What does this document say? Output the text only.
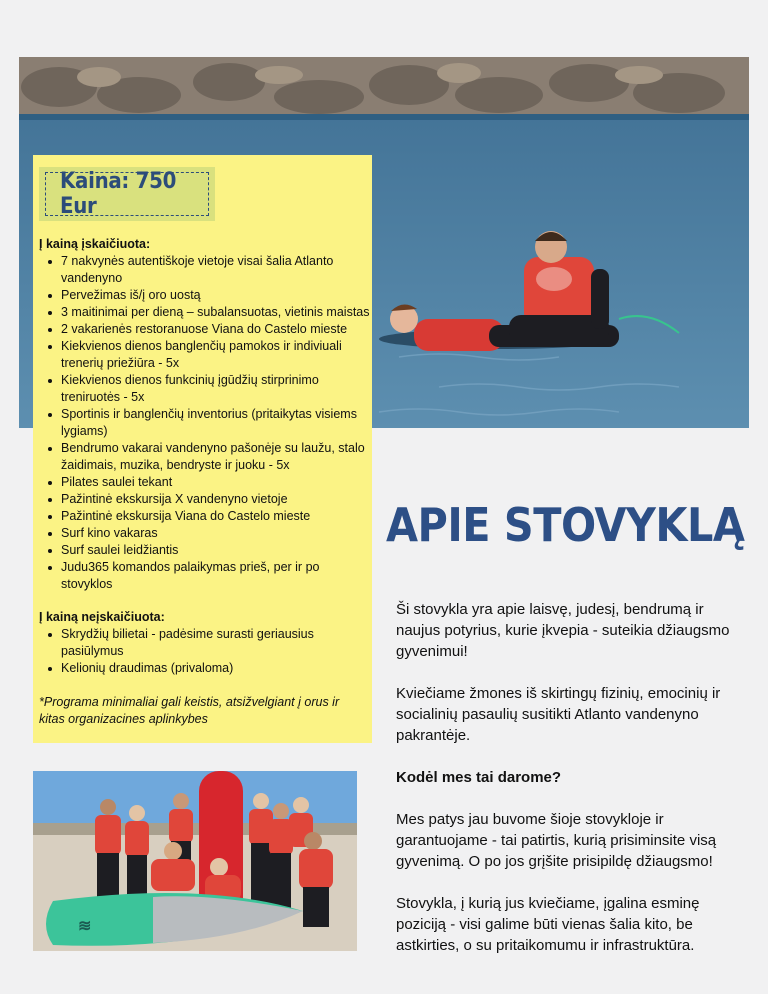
Kaina: 750 Eur
Į kainą įskaičiuota:
7 nakvynės autentiškoje vietoje visai šalia Atlanto vandenyno
Pervežimas iš/į oro uostą
3 maitinimai per dieną – subalansuotas, vietinis maistas
2 vakarienės restoranuose Viana do Castelo mieste
Kiekvienos dienos banglenčių pamokos ir indiviuali trenerių priežiūra - 5x
Kiekvienos dienos funkcinių įgūdžių stirprinimo treniruotės - 5x
Sportinis ir banglenčių inventorius (pritaikytas visiems lygiams)
Bendrumo vakarai vandenyno pašonėje su laužu, stalo žaidimais, muzika, bendryste ir juoku - 5x
Pilates saulei tekant
Pažintinė ekskursija X vandenyno vietoje
Pažintinė ekskursija Viana do Castelo mieste
Surf kino vakaras
Surf saulei leidžiantis
Judu365 komandos palaikymas prieš, per ir po stovyklos
Į kainą neįskaičiuota:
Skrydžių bilietai - padėsime surasti geriausius pasiūlymus
Kelionių draudimas (privaloma)

*Programa minimaliai gali keistis, atsižvelgiant į orus ir kitas organizacines aplinkybes

≋
APIE STOVYKLĄ

Ši stovykla yra apie laisvę, judesį, bendrumą ir naujus potyrius, kurie įkvepia - suteikia džiaugsmo gyvenimui!

Kviečiame žmones iš skirtingų fizinių, emocinių ir socialinių pasaulių susitikti Atlanto vandenyno pakrantėje.

Kodėl mes tai darome?

Mes patys jau buvome šioje stovykloje ir garantuojame - tai patirtis, kurią prisiminsite visą gyvenimą. O po jos grįšite prisipildę džiaugsmo!

Stovykla, į kurią jus kviečiame, įgalina esminę poziciją - visi galime būti vienas šalia kito, be astkirties, o su pritaikomumu ir infrastruktūra.
